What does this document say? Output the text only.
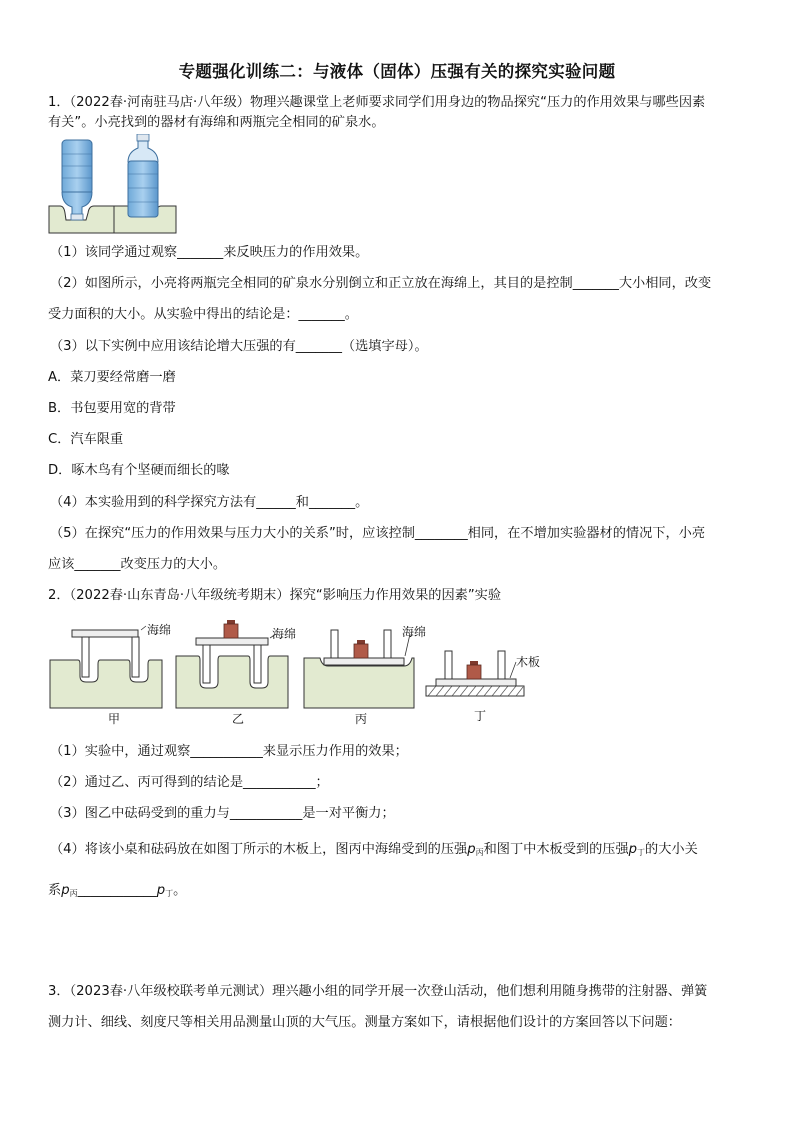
专题强化训练二：与液体（固体）压强有关的探究实验问题
1．（2022春·河南驻马店·八年级）物理兴趣课堂上老师要求同学们用身边的物品探究“压力的作用效果与哪些因素
有关”。小亮找到的器材有海绵和两瓶完全相同的矿泉水。
（1）该同学通过观察_______来反映压力的作用效果。
（2）如图所示，小亮将两瓶完全相同的矿泉水分别倒立和正立放在海绵上，其目的是控制_______大小相同，改变
受力面积的大小。从实验中得出的结论是：_______。
（3）以下实例中应用该结论增大压强的有_______（选填字母）。
A．菜刀要经常磨一磨
B．书包要用宽的背带
C．汽车限重
D．啄木鸟有个坚硬而细长的喙
（4）本实验用到的科学探究方法有______和_______。
（5）在探究“压力的作用效果与压力大小的关系”时，应该控制________相同，在不增加实验器材的情况下，小亮
应该_______改变压力的大小。
2．（2022春·山东青岛·八年级统考期末）探究“影响压力作用效果的因素”实验
海绵	海绵	海绵
木板
甲	乙	丙	丁
（1）实验中，通过观察___________来显示压力作用的效果；
（2）通过乙、丙可得到的结论是___________；
（3）图乙中砝码受到的重力与___________是一对平衡力；
（4）将该小桌和砝码放在如图丁所示的木板上，图丙中海绵受到的压强$p_丙$和图丁中木板受到的压强$p_丁$的大小关
系$p_丙\_\_\_\_\_\_\_\_\_\_\_\_p_丁$。
3．（2023春·八年级校联考单元测试）理兴趣小组的同学开展一次登山活动，他们想利用随身携带的注射器、弹簧
测力计、细线、刻度尺等相关用品测量山顶的大气压。测量方案如下，请根据他们设计的方案回答以下问题：
